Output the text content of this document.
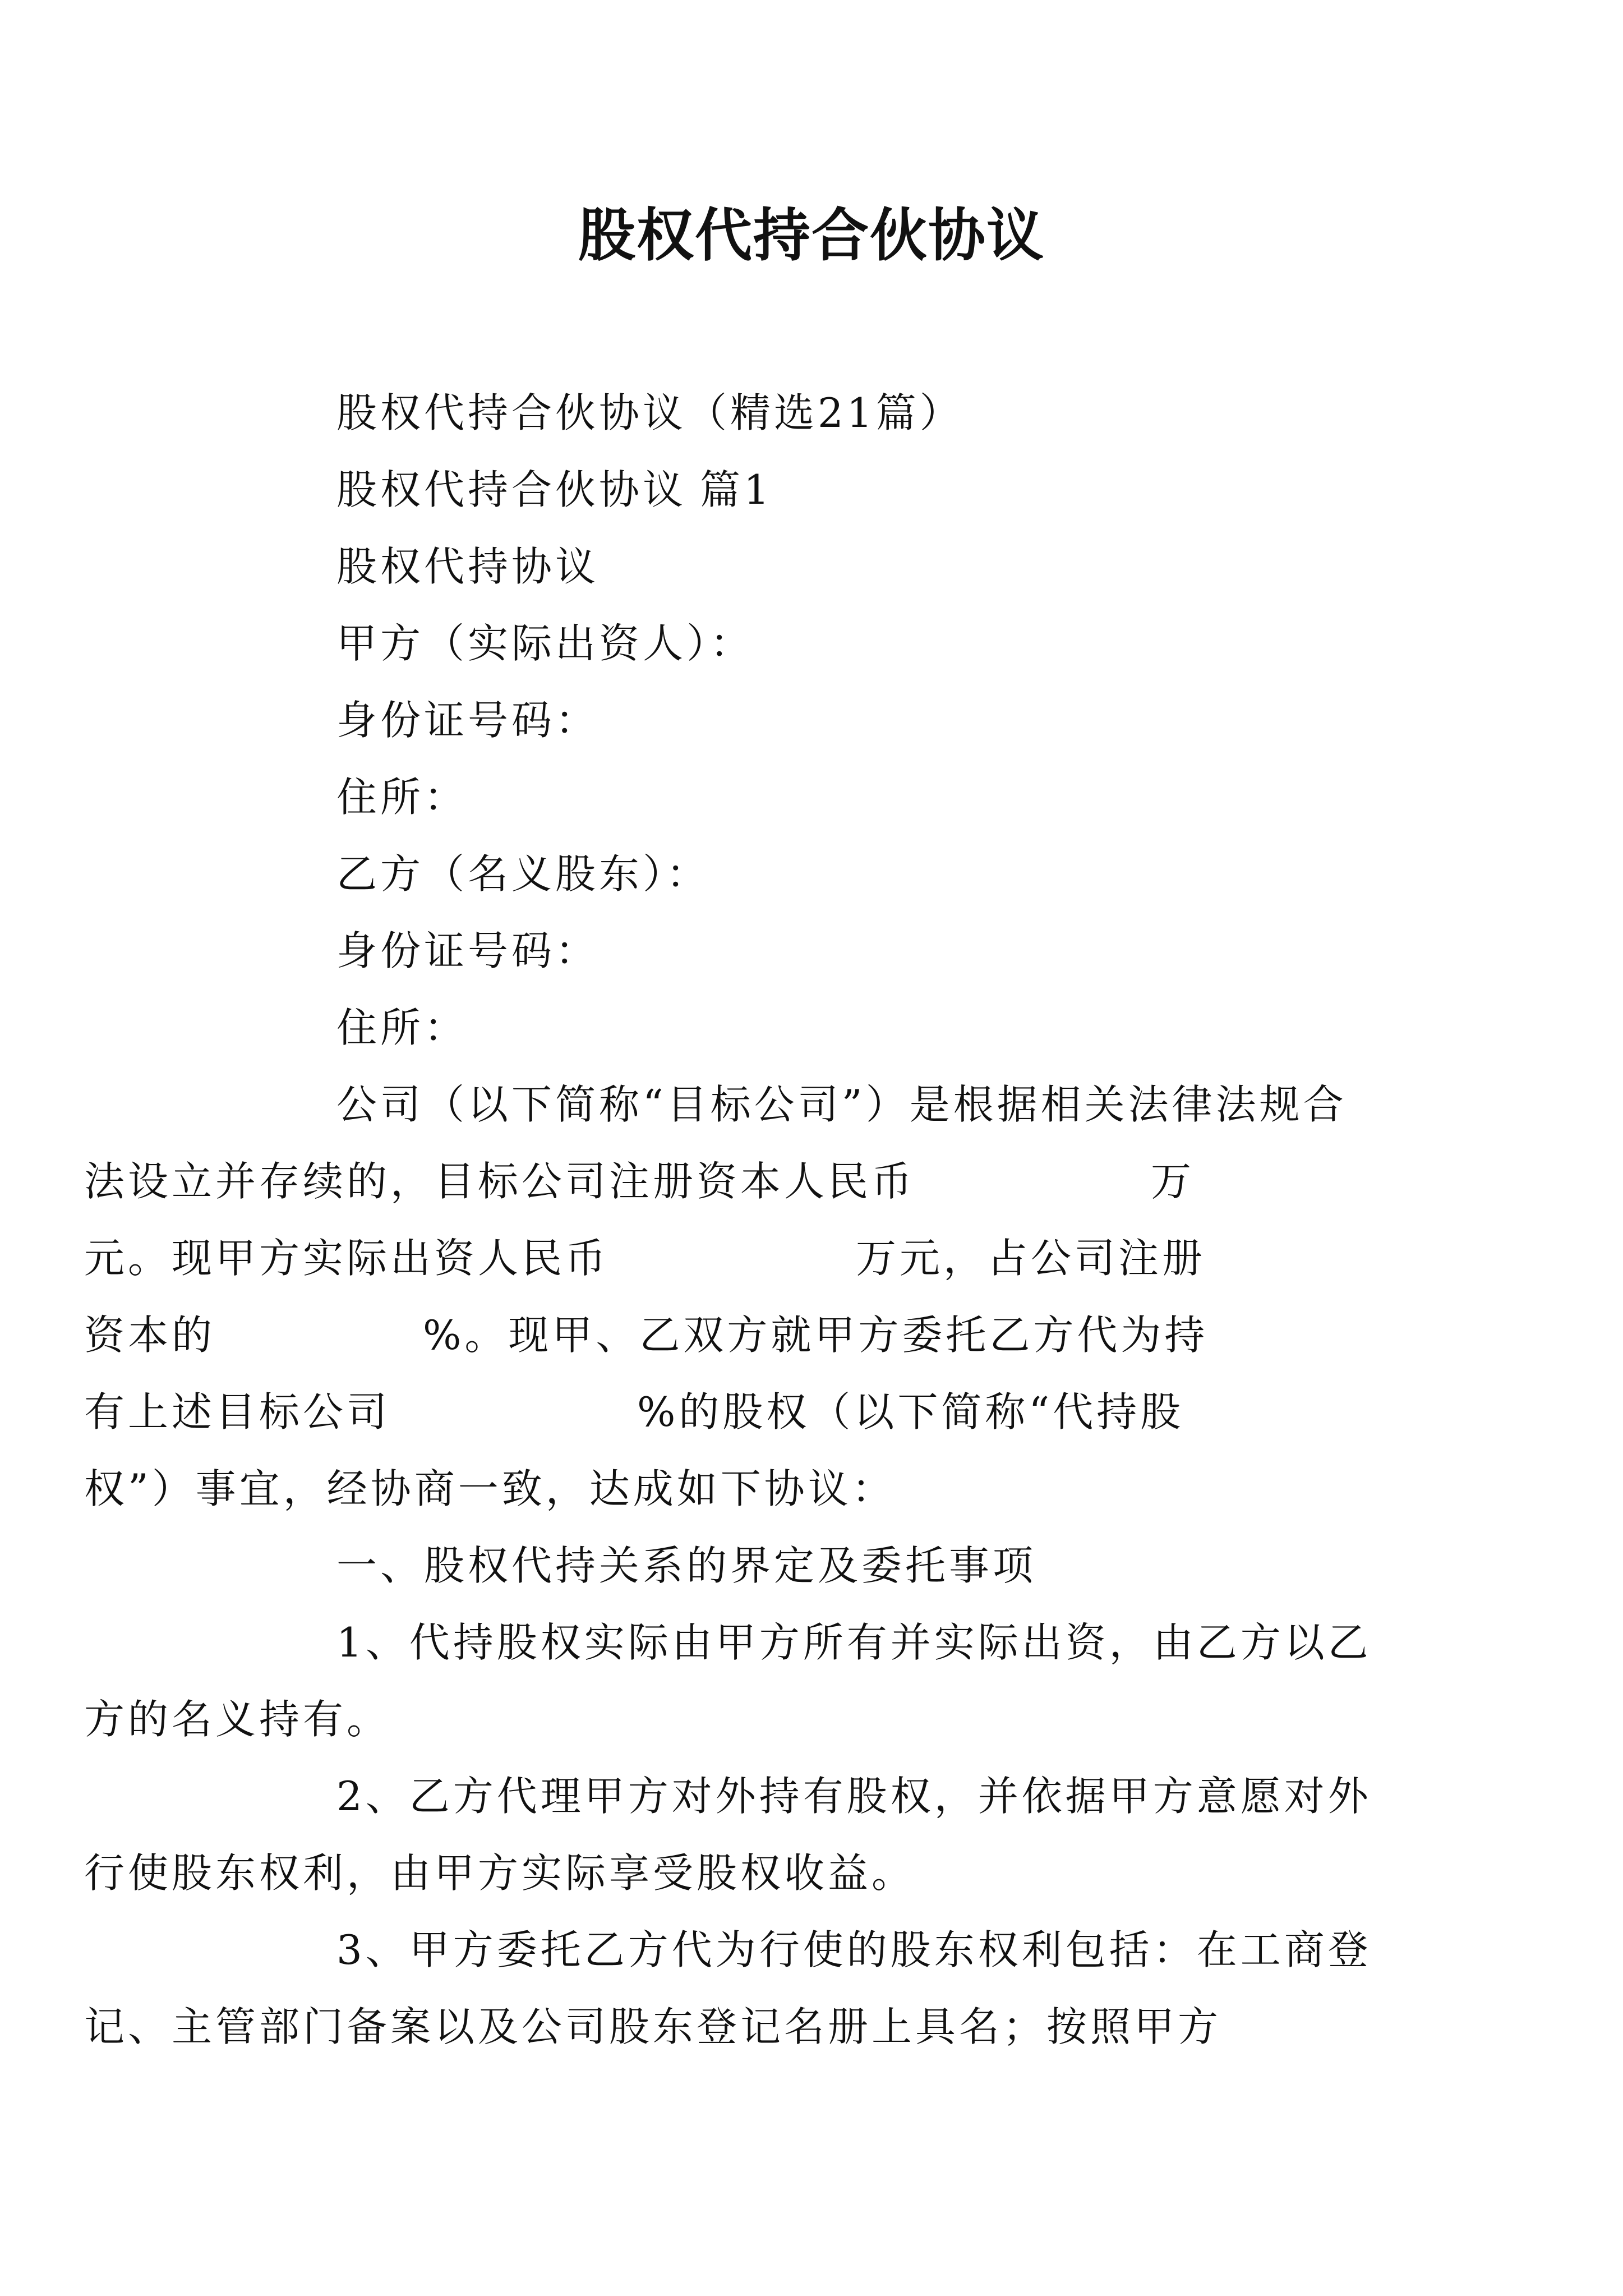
股权代持合伙协议
股权代持合伙协议（精选21篇）
股权代持合伙协议 篇1
股权代持协议
甲方（实际出资人）：
身份证号码：
住所：
乙方（名义股东）：
身份证号码：
住所：
公司（以下简称“目标公司”）是根据相关法律法规合
法设立并存续的，目标公司注册资本人民币	万
元。现甲方实际出资人民币	万元，占公司注册
资本的	%。现甲、乙双方就甲方委托乙方代为持
有上述目标公司	%的股权（以下简称“代持股
权”）事宜，经协商一致，达成如下协议：
一、股权代持关系的界定及委托事项
1、代持股权实际由甲方所有并实际出资，由乙方以乙
方的名义持有。
2、乙方代理甲方对外持有股权，并依据甲方意愿对外
行使股东权利，由甲方实际享受股权收益。
3、甲方委托乙方代为行使的股东权利包括：在工商登
记、主管部门备案以及公司股东登记名册上具名；按照甲方
